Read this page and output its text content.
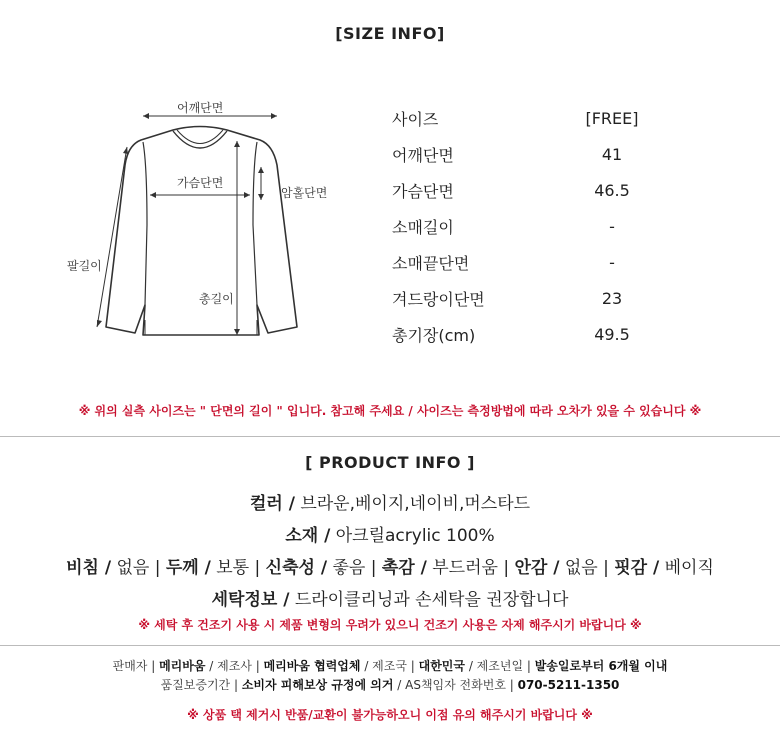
[SIZE INFO]
어깨단면
가슴단면
암홀단면
팔길이
총길이
사이즈	[FREE]
어깨단면	41
가슴단면	46.5
소매길이	-
소매끝단면	-
겨드랑이단면	23
총기장(cm)	49.5
※ 위의 실측 사이즈는 " 단면의 길이 " 입니다. 참고해 주세요 / 사이즈는 측정방법에 따라 오차가 있을 수 있습니다 ※
[ PRODUCT INFO ]
컬러 / 브라운,베이지,네이비,머스타드
소재 / 아크릴acrylic 100%
비침 / 없음 | 두께 / 보통 | 신축성 / 좋음 | 촉감 / 부드러움 | 안감 / 없음 | 핏감 / 베이직
세탁정보 / 드라이클리닝과 손세탁을 권장합니다
※ 세탁 후 건조기 사용 시 제품 변형의 우려가 있으니 건조기 사용은 자제 해주시기 바랍니다 ※
판매자 | 메리바움 / 제조사 | 메리바움 협력업체 / 제조국 | 대한민국 / 제조년일 | 발송일로부터 6개월 이내
품질보증기간 | 소비자 피해보상 규정에 의거 / AS책임자 전화번호 | 070-5211-1350
※ 상품 택 제거시 반품/교환이 불가능하오니 이점 유의 해주시기 바랍니다 ※
